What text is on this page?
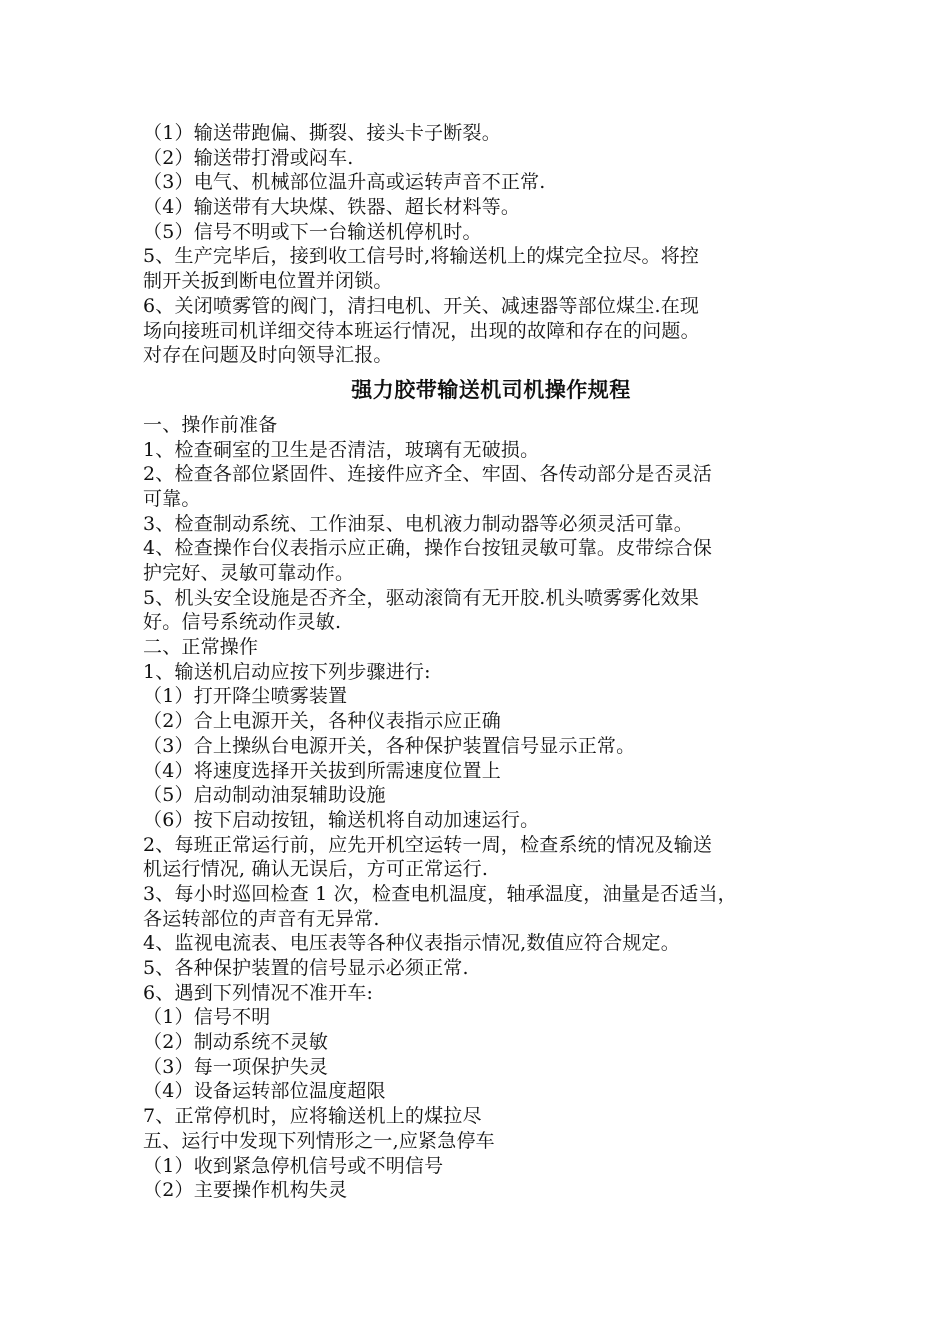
（1）输送带跑偏、撕裂、接头卡子断裂。
（2）输送带打滑或闷车.
（3）电气、机械部位温升高或运转声音不正常.
（4）输送带有大块煤、铁器、超长材料等。
（5）信号不明或下一台输送机停机时。
5、生产完毕后，接到收工信号时,将输送机上的煤完全拉尽。将控
制开关扳到断电位置并闭锁。
6、关闭喷雾管的阀门，清扫电机、开关、减速器等部位煤尘.在现
场向接班司机详细交待本班运行情况，出现的故障和存在的问题。
对存在问题及时向领导汇报。
强力胶带输送机司机操作规程
一、操作前准备
1、检查硐室的卫生是否清洁，玻璃有无破损。
2、检查各部位紧固件、连接件应齐全、牢固、各传动部分是否灵活
可靠。
3、检查制动系统、工作油泵、电机液力制动器等必须灵活可靠。
4、检查操作台仪表指示应正确，操作台按钮灵敏可靠。皮带综合保
护完好、灵敏可靠动作。
5、机头安全设施是否齐全，驱动滚筒有无开胶.机头喷雾雾化效果
好。信号系统动作灵敏.
二、正常操作
1、输送机启动应按下列步骤进行:
（1）打开降尘喷雾装置
（2）合上电源开关，各种仪表指示应正确
（3）合上操纵台电源开关，各种保护装置信号显示正常。
（4）将速度选择开关拔到所需速度位置上
（5）启动制动油泵辅助设施
（6）按下启动按钮，输送机将自动加速运行。
2、每班正常运行前，应先开机空运转一周，检查系统的情况及输送
机运行情况, 确认无误后，方可正常运行.
3、每小时巡回检查 1 次，检查电机温度，轴承温度，油量是否适当，
各运转部位的声音有无异常.
4、监视电流表、电压表等各种仪表指示情况,数值应符合规定。
5、各种保护装置的信号显示必须正常.
6、遇到下列情况不准开车:
（1）信号不明
（2）制动系统不灵敏
（3）每一项保护失灵
（4）设备运转部位温度超限
7、正常停机时，应将输送机上的煤拉尽
五、运行中发现下列情形之一,应紧急停车
（1）收到紧急停机信号或不明信号
（2）主要操作机构失灵
